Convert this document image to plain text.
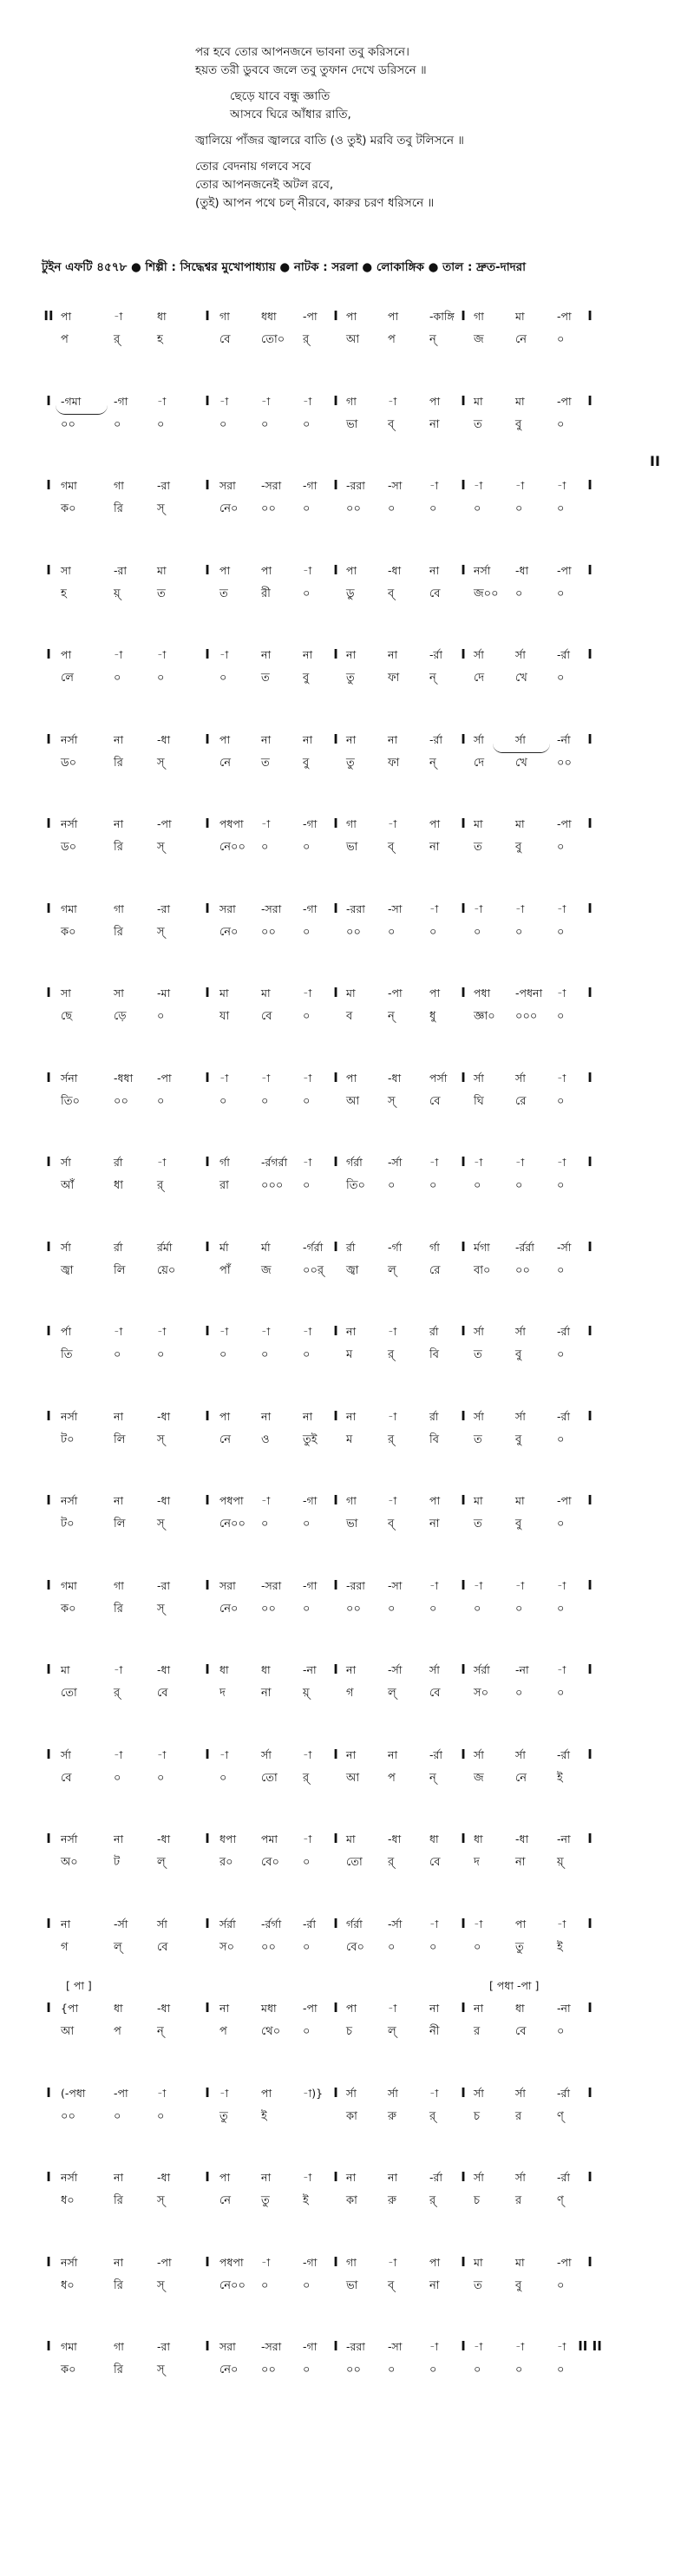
পর হবে তোর আপনজনে ভাবনা তবু করিসনে।
হয়ত তরী ডুববে জলে তবু তুফান দেখে ডরিসনে ॥
ছেড়ে যাবে বন্ধু জ্ঞাতি
আসবে ঘিরে আঁধার রাতি,
জ্বালিয়ে পাঁজর জ্বালরে বাতি (ও তুই) মরবি তবু টলিসনে ॥
তোর বেদনায় গলবে সবে
তোর আপনজনেই অটল রবে,
(তুই) আপন পথে চল্‌ নীরবে, কারুর চরণ ধরিসনে ॥
টুইন এফটি ৪৫৭৮ ● শিল্পী : সিদ্ধেশ্বর মুখোপাধ্যায় ● নাটক : সরলা ● লোকাঙ্গিক ● তাল : দ্রুত-দাদরা
II	I	I	I	I
পা	-া	ধা	গা	ধধা -পা	পা	পা	-কাঙ্গি গা	মা	-পা
প	র্‌	হ	বে	তো০ র্‌	আ	প	ন্‌	জ	নে	০
I	I	I	I	I
-গমা	-গা	-া	-া	-া	-া	গা	-া	পা	মা	মা	-পা
০০	০	০	০	০	০	ভা	ব্‌	না	ত	বু	০
II
I	I	I	I	I
গমা	গা	-রা	সরা -সরা -গা	-ররা -সা	-া	-া	-া	-া
ক০	রি	স্‌	নে০ ০০ ০	০০ ০	০	০	০	০
I	I	I	I	I
সা	-রা	মা	পা	পা	-া	পা	-ধা	না	নর্সা -ধা	-পা
হ	য়্‌	ত	ত	রী	০	ডু	ব্‌	বে	জ০০ ০	০
I	I	I	I	I
পা	-া	-া	-া	না	না	না	না	-র্রা	র্সা	র্সা	-র্রা
লে	০	০	০	ত	বু	তু	ফা	ন্‌	দে	খে	০
I	I	I	I	I
নর্সা	না	-ধা	পা	না	না	না	না	-র্রা	র্সা	র্সা	-র্না
ড০	রি	স্‌	নে	ত	বু	তু	ফা	ন্‌	দে	খে	০০
I	I	I	I	I
নর্সা	না	-পা	পধপা -া	-গা	গা	-া	পা	মা	মা	-পা
ড০	রি	স্‌	নে০০ ০	০	ভা	ব্‌	না	ত	বু	০
I	I	I	I	I
গমা	গা	-রা	সরা -সরা -গা	-ররা -সা	-া	-া	-া	-া
ক০	রি	স্‌	নে০ ০০ ০	০০ ০	০	০	০	০
I	I	I	I	I
সা	সা	-মা	মা	মা	-া	মা	-পা	পা	পধা -পধনা -া
ছে	ড়ে	০	যা	বে	০	ব	ন্‌	ধু	জ্ঞা০ ০০০ ০
I	I	I	I	I
র্সনা	-ধধা -পা	-া	-া	-া	পা	-ধা	পর্সা র্সা	র্সা	-া
তি০	০০	০	০	০	০	আ	স্‌	বে	ঘি	রে	০
I	I	I	I	I
র্সা	র্রা	-া	র্গা	-র্রগর্রা -া	র্গর্রা -র্সা	-া	-া	-া	-া
আঁ	ধা	র্‌	রা	০০০ ০	তি০ ০	০	০	০	০
I	I	I	I	I
র্সা	র্রা	র্রর্মা	র্মা	র্মা	-র্গর্রা র্রা	-র্গা	র্গা	র্মগা -র্রর্রা -র্সা
জ্বা	লি	য়ে০	পাঁ	জ	০০র্‌ জ্বা	ল্‌	রে	বা০ ০০ ০
I	I	I	I	I
র্পা	-া	-া	-া	-া	-া	না	-া	র্রা	র্সা	র্সা	-র্রা
তি	০	০	০	০	০	ম	র্‌	বি	ত	বু	০
I	I	I	I	I
নর্সা	না	-ধা	পা	না	না	না	-া	র্রা	র্সা	র্সা	-র্রা
ট০	লি	স্‌	নে	ও	তুই	ম	র্‌	বি	ত	বু	০
I	I	I	I	I
নর্সা	না	-ধা	পধপা -া	-গা	গা	-া	পা	মা	মা	-পা
ট০	লি	স্‌	নে০০ ০	০	ভা	ব্‌	না	ত	বু	০
I	I	I	I	I
গমা	গা	-রা	সরা -সরা -গা	-ররা -সা	-া	-া	-া	-া
ক০	রি	স্‌	নে০ ০০ ০	০০ ০	০	০	০	০
I	I	I	I	I
মা	-া	-ধা	ধা	ধা	-না	না	-র্সা	র্সা	র্সর্রা -না	-া
তো	র্‌	বে	দ	না	য়্‌	গ	ল্‌	বে	স০ ০	০
I	I	I	I	I
র্সা	-া	-া	-া	র্সা	-া	না	না	-র্রা	র্সা	র্সা	-র্রা
বে	০	০	০	তো র্‌	আ	প	ন্‌	জ	নে	ই
I	I	I	I	I
নর্সা	না	-ধা	ধপা পমা -া	মা	-ধা	ধা	ধা	-ধা	-না
অ০	ট	ল্‌	র০ বে০ ০	তো র্‌	বে	দ	না	য়্‌
I	I	I	I	I
না	-র্সা	র্সা	র্সর্রা -র্রর্গা -র্রা	র্গর্রা -র্সা	-া	-া	পা	-া
গ	ল্‌	বে	স০ ০০ ০	বে০ ০	০	০	তু	ই
[ পা ]	[ পধা -পা ]
I	I	I	I	I
{পা	ধা	-ধা	না	মধা -পা	পা	-া	না	না	ধা	-না
আ	প	ন্‌	প	থে০ ০	চ	ল্‌	নী	র	বে	০
I	I	I	I	I
(-পধা	-পা	-া	-া	পা	-া)} র্সা	র্সা	-া	র্সা	র্সা	-র্রা
০০	০	০	তু	ই	কা	রু	র্‌	চ	র	ণ্‌
I	I	I	I	I
নর্সা	না	-ধা	পা	না	-া	না	না	-র্রা	র্সা	র্সা	-র্রা
ধ০	রি	স্‌	নে	তু	ই	কা	রু	র্‌	চ	র	ণ্‌
I	I	I	I	I
নর্সা	না	-পা	পধপা -া	-গা	গা	-া	পা	মা	মা	-পা
ধ০	রি	স্‌	নে০০ ০	০	ভা	ব্‌	না	ত	বু	০
I	I	I	I	II II
গমা	গা	-রা	সরা -সরা -গা	-ররা -সা	-া	-া	-া	-া
ক০	রি	স্‌	নে০ ০০ ০	০০ ০	০	০	০	০
